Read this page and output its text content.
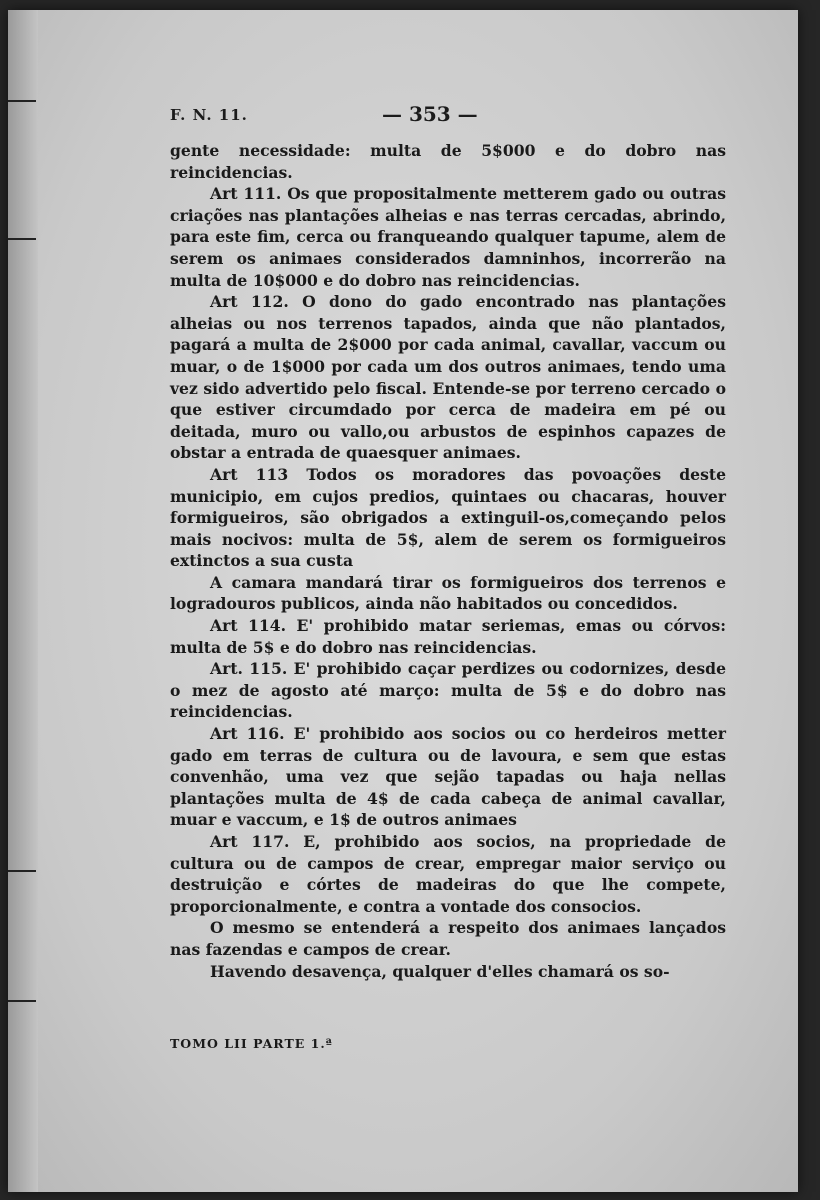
F. N. 11.	— 353 —

gente necessidade: multa de 5$000 e do dobro nas reincidencias.

Art 111. Os que propositalmente metterem gado ou outras criações nas plantações alheias e nas terras cercadas, abrindo, para este fim, cerca ou franqueando qualquer tapume, alem de serem os animaes considerados damninhos, incorrerão na multa de 10$000 e do dobro nas reincidencias.

Art 112. O dono do gado encontrado nas plantações alheias ou nos terrenos tapados, ainda que não plantados, pagará a multa de 2$000 por cada animal, cavallar, vaccum ou muar, o de 1$000 por cada um dos outros animaes, tendo uma vez sido advertido pelo fiscal. Entende-se por terreno cercado o que estiver circumdado por cerca de madeira em pé ou deitada, muro ou vallo,ou arbustos de espinhos capazes de obstar a entrada de quaesquer animaes.

Art 113 Todos os moradores das povoações deste municipio, em cujos predios, quintaes ou chacaras, houver formigueiros, são obrigados a extinguil-os,começando pelos mais nocivos: multa de 5$, alem de serem os formigueiros extinctos a sua custa

A camara mandará tirar os formigueiros dos terrenos e logradouros publicos, ainda não habitados ou concedidos.

Art 114. E' prohibido matar seriemas, emas ou córvos: multa de 5$ e do dobro nas reincidencias.

Art. 115. E' prohibido caçar perdizes ou codornizes, desde o mez de agosto até março: multa de 5$ e do dobro nas reincidencias.

Art 116. E' prohibido aos socios ou co herdeiros metter gado em terras de cultura ou de lavoura, e sem que estas convenhão, uma vez que sejão tapadas ou haja nellas plantações multa de 4$ de cada cabeça de animal cavallar, muar e vaccum, e 1$ de outros animaes

Art 117. E, prohibido aos socios, na propriedade de cultura ou de campos de crear, empregar maior serviço ou destruição e córtes de madeiras do que lhe compete, proporcionalmente, e contra a vontade dos consocios.

O mesmo se entenderá a respeito dos animaes lançados nas fazendas e campos de crear.

Havendo desavença, qualquer d'elles chamará os so-

TOMO LII PARTE 1.ª
